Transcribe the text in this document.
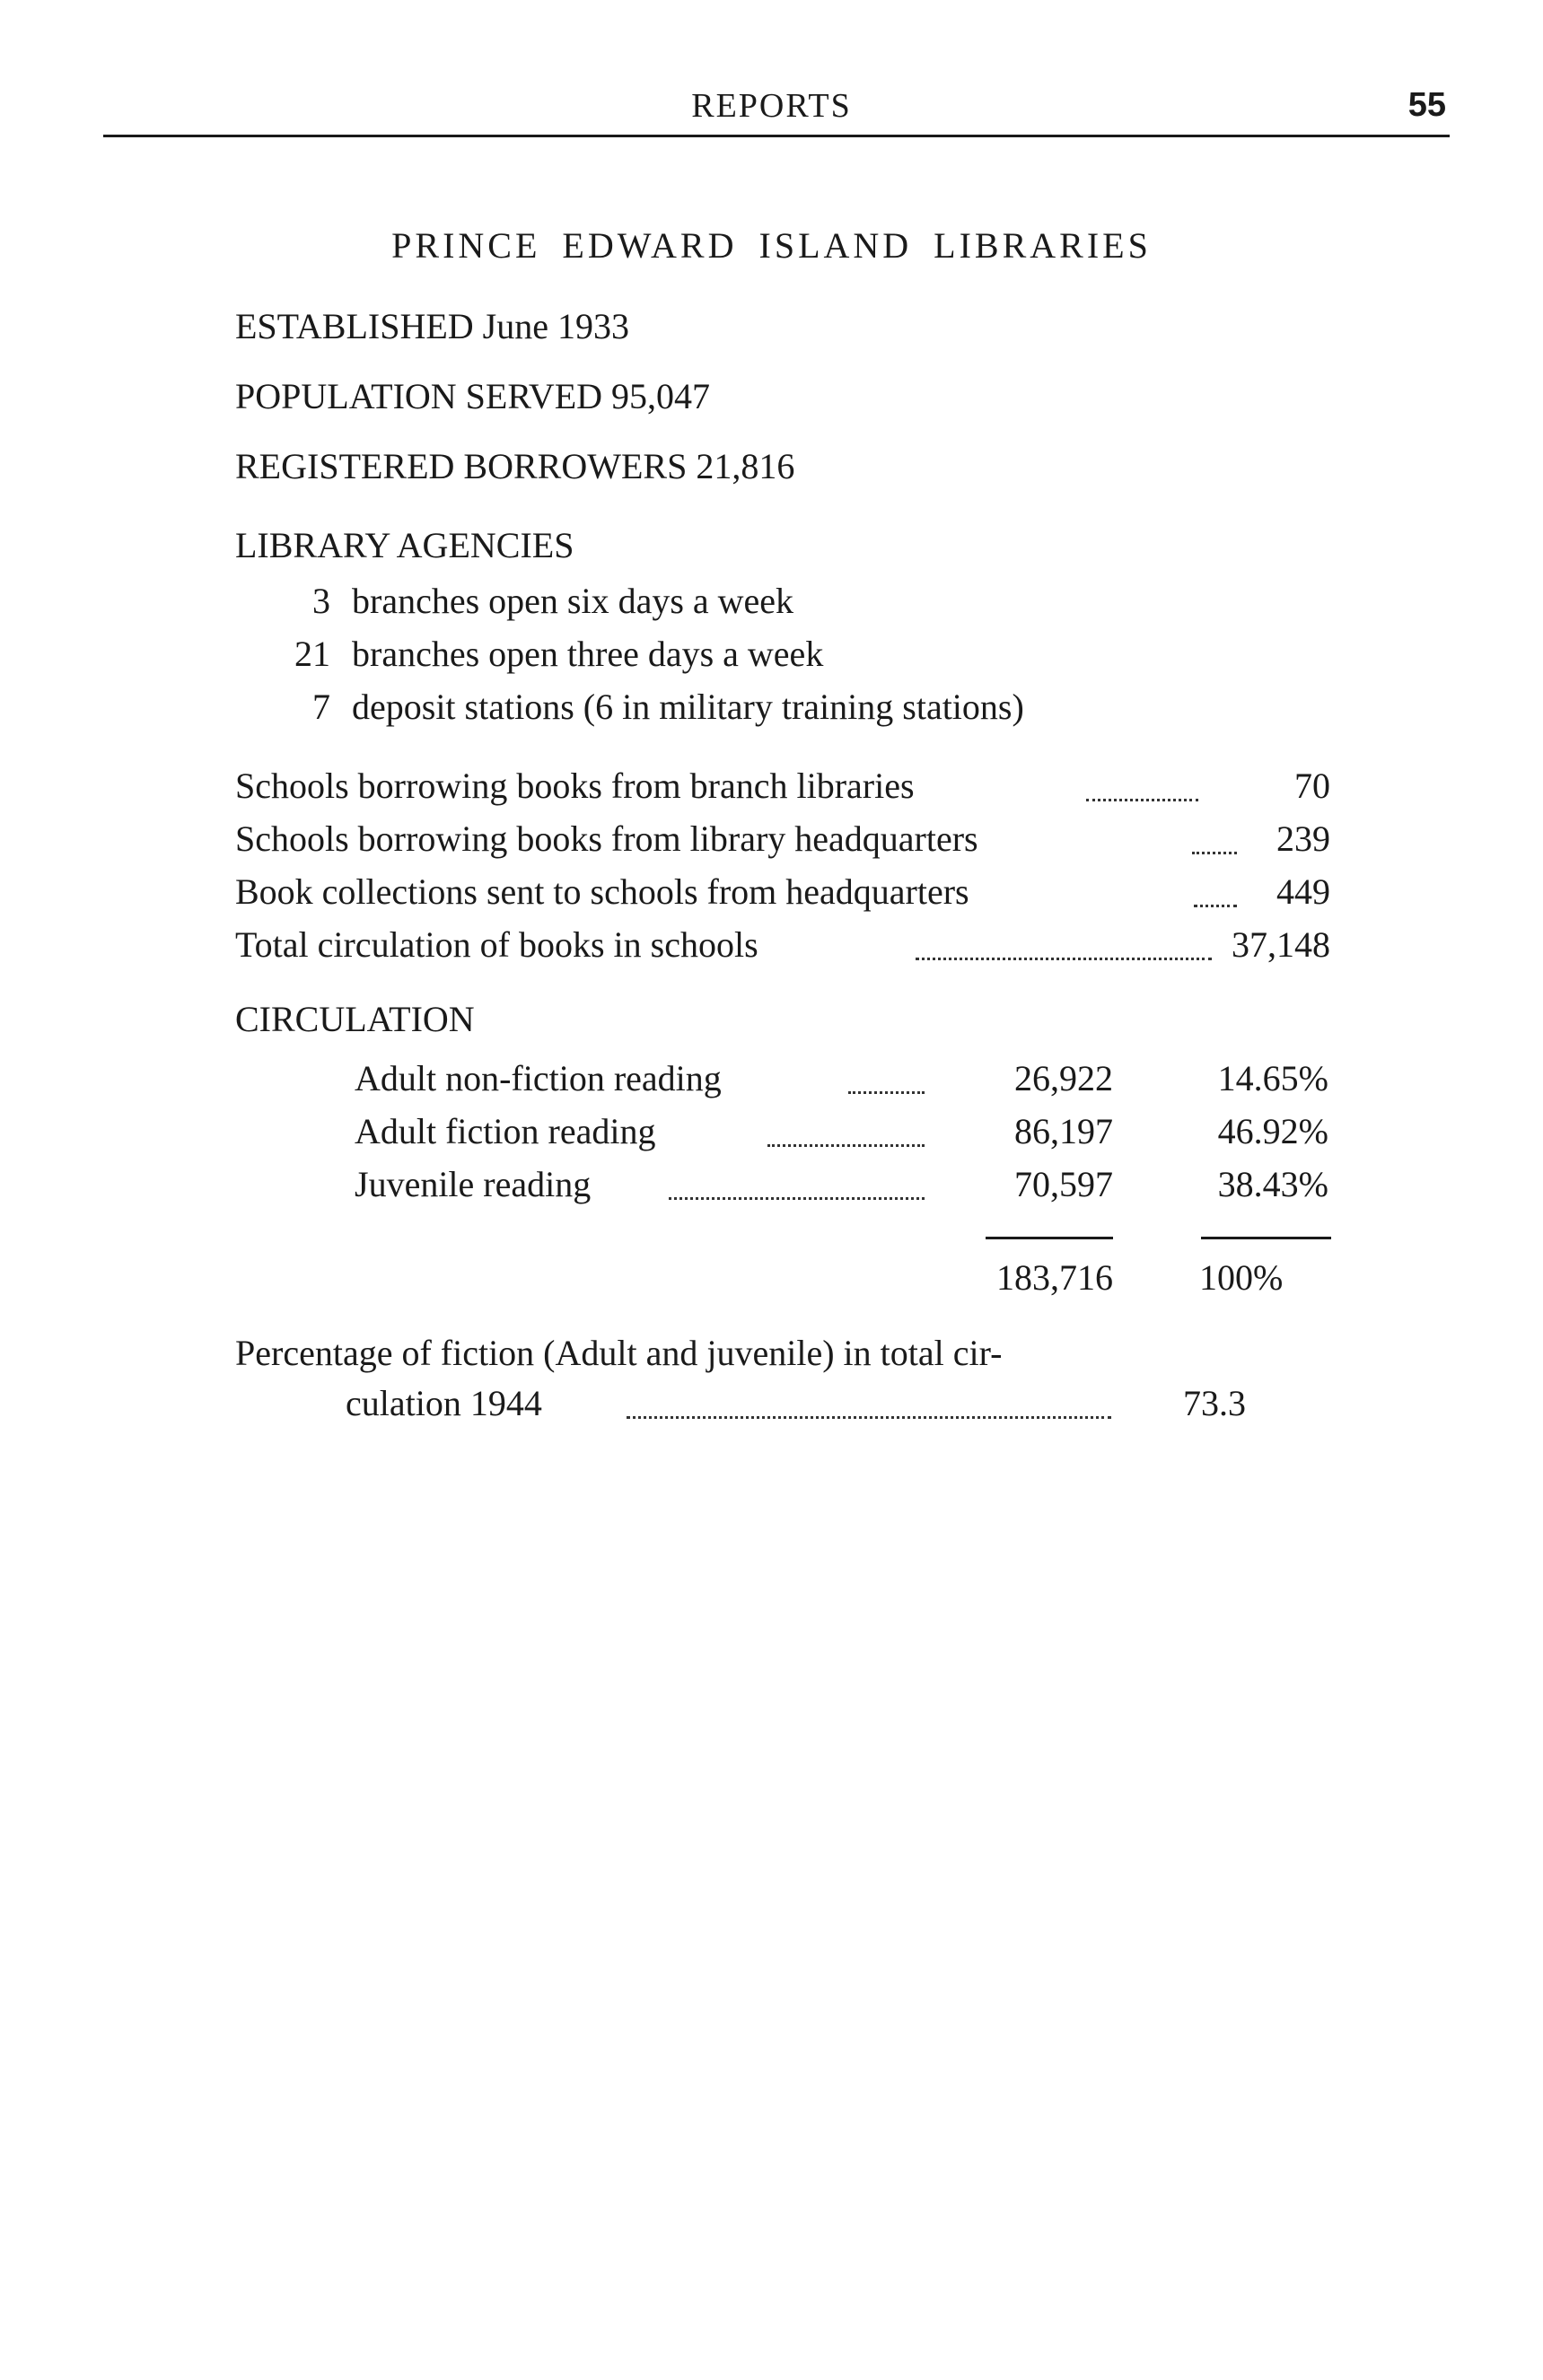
REPORTS	55
PRINCE EDWARD ISLAND LIBRARIES
ESTABLISHED June 1933
POPULATION SERVED 95,047
REGISTERED BORROWERS 21,816
LIBRARY AGENCIES
3 branches open six days a week
21 branches open three days a week
7 deposit stations (6 in military training stations)
Schools borrowing books from branch libraries	70
Schools borrowing books from library headquarters	239
Book collections sent to schools from headquarters	449
Total circulation of books in schools	37,148
CIRCULATION
Adult non-fiction reading	26,922	14.65%
Adult fiction reading	86,197	46.92%
Juvenile reading	70,597	38.43%
183,716 100%
Percentage of fiction (Adult and juvenile) in total cir-
culation 1944	73.3
